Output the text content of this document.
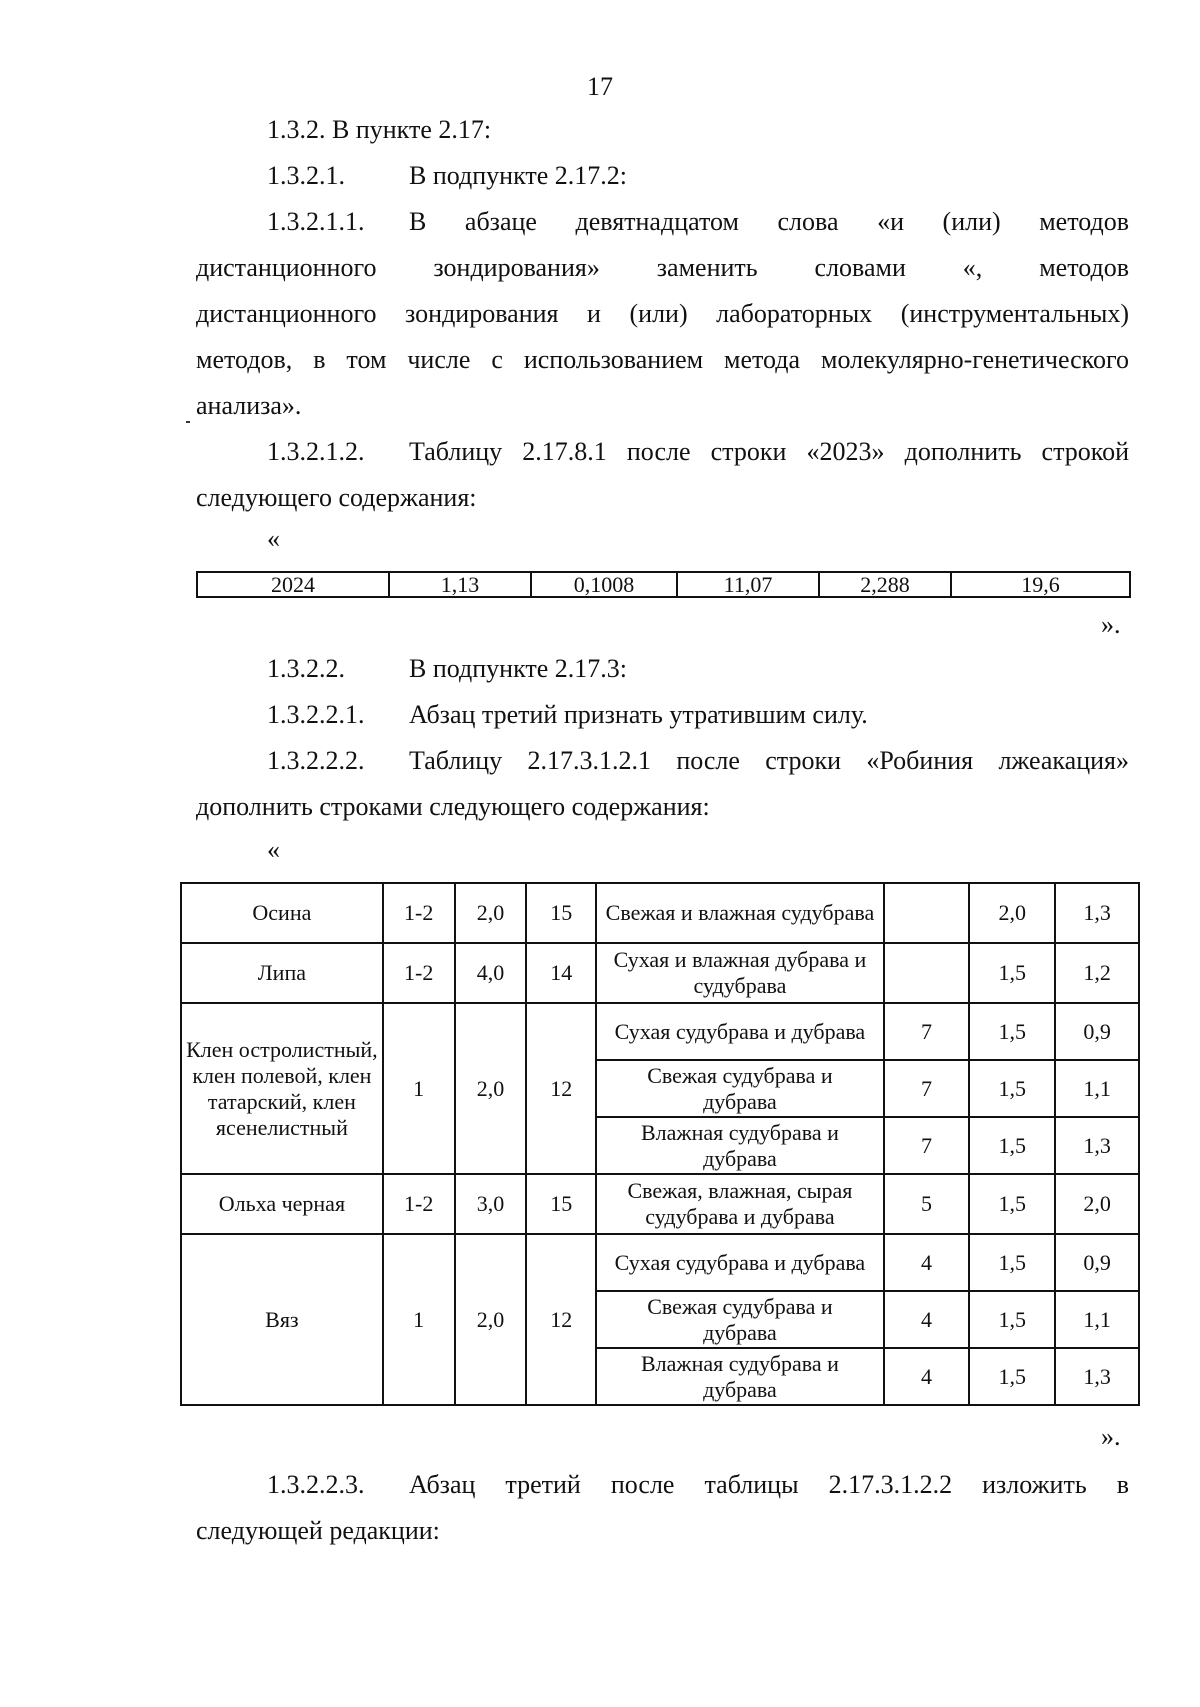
17
1.3.2. В пункте 2.17:
1.3.2.1. В подпункте 2.17.2:
1.3.2.1.1. В абзаце девятнадцатом слова «и (или) методов
дистанционного зондирования» заменить словами «, методов
дистанционного зондирования и (или) лабораторных (инструментальных)
методов, в том числе с использованием метода молекулярно-генетического
анализа».
1.3.2.1.2. Таблицу 2.17.8.1 после строки «2023» дополнить строкой
следующего содержания:
«
2024	1,13	0,1008	11,07	2,288	19,6
».
1.3.2.2. В подпункте 2.17.3:
1.3.2.2.1. Абзац третий признать утратившим силу.
1.3.2.2.2. Таблицу 2.17.3.1.2.1 после строки «Робиния лжеакация»
дополнить строками следующего содержания:
«
Осина	1-2	2,0	15	Свежая и влажная судубрава		2,0	1,3
Липа	1-2	4,0	14	Сухая и влажная дубрава и судубрава		1,5	1,2
Клен остролистный, клен полевой, клен татарский, клен ясенелистный	1	2,0	12	Сухая судубрава и дубрава	7	1,5	0,9
				Свежая судубрава и дубрава	7	1,5	1,1
				Влажная судубрава и дубрава	7	1,5	1,3
Ольха черная	1-2	3,0	15	Свежая, влажная, сырая судубрава и дубрава	5	1,5	2,0
Вяз	1	2,0	12	Сухая судубрава и дубрава	4	1,5	0,9
				Свежая судубрава и дубрава	4	1,5	1,1
				Влажная судубрава и дубрава	4	1,5	1,3
».
1.3.2.2.3. Абзац третий после таблицы 2.17.3.1.2.2 изложить в
следующей редакции:
